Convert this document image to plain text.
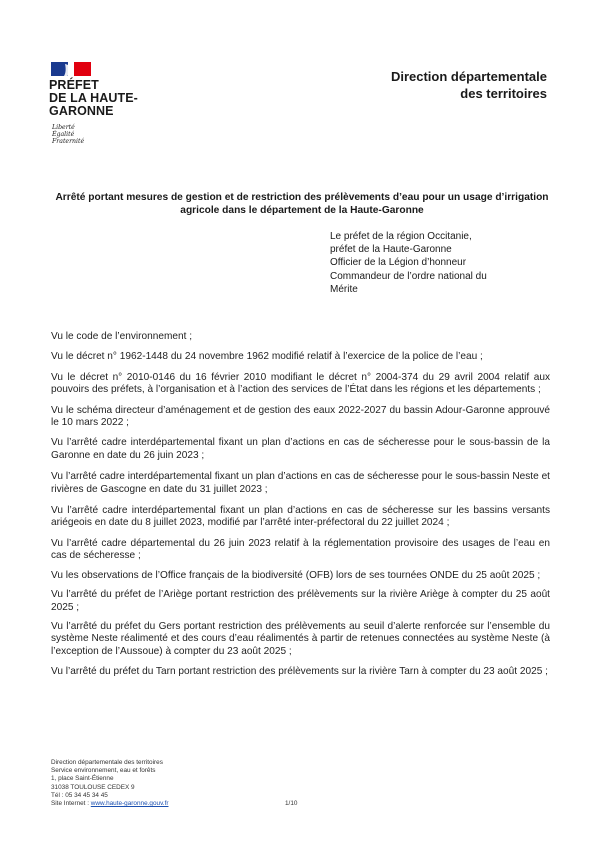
PRÉFET
DE LA HAUTE-
GARONNE
Liberté
Égalité
Fraternité
Direction départementale
des territoires
Arrêté portant mesures de gestion et de restriction des prélèvements d’eau pour un usage d’irrigation agricole dans le département de la Haute-Garonne
Le préfet de la région Occitanie,
préfet de la Haute-Garonne
Officier de la Légion d’honneur
Commandeur de l’ordre national du
Mérite

Vu le code de l’environnement ;

Vu le décret n° 1962-1448 du 24 novembre 1962 modifié relatif à l’exercice de la police de l’eau ;

Vu le décret n° 2010-0146 du 16 février 2010 modifiant le décret n° 2004-374 du 29 avril 2004 relatif aux pouvoirs des préfets, à l’organisation et à l’action des services de l’État dans les régions et les départements ;

Vu le schéma directeur d’aménagement et de gestion des eaux 2022-2027 du bassin Adour-Garonne approuvé le 10 mars 2022 ;

Vu l’arrêté cadre interdépartemental fixant un plan d’actions en cas de sécheresse pour le sous-bassin de la Garonne en date du 26 juin 2023 ;

Vu l’arrêté cadre interdépartemental fixant un plan d’actions en cas de sécheresse pour le sous-bassin Neste et rivières de Gascogne en date du 31 juillet 2023 ;

Vu l’arrêté cadre interdépartemental fixant un plan d’actions en cas de sécheresse sur les bassins versants ariégeois en date du 8 juillet 2023, modifié par l’arrêté inter-préfectoral du 22 juillet 2024 ;

Vu l’arrêté cadre départemental du 26 juin 2023 relatif à la réglementation provisoire des usages de l’eau en cas de sécheresse ;

Vu les observations de l’Office français de la biodiversité (OFB) lors de ses tournées ONDE du 25 août 2025 ;

Vu l’arrêté du préfet de l’Ariège portant restriction des prélèvements sur la rivière Ariège à compter du 25 août 2025 ;

Vu l’arrêté du préfet du Gers portant restriction des prélèvements au seuil d’alerte renforcée sur l’ensemble du système Neste réalimenté et des cours d’eau réalimentés à partir de retenues connectées au système Neste (à l’exception de l’Aussoue) à compter du 23 août 2025 ;

Vu l’arrêté du préfet du Tarn portant restriction des prélèvements sur la rivière Tarn à compter du 23 août 2025 ;

Direction départementale des territoires
Service environnement, eau et forêts
1, place Saint-Étienne
31038 TOULOUSE CEDEX 9
Tél : 05 34 45 34 45
Site Internet : www.haute-garonne.gouv.fr	1/10
